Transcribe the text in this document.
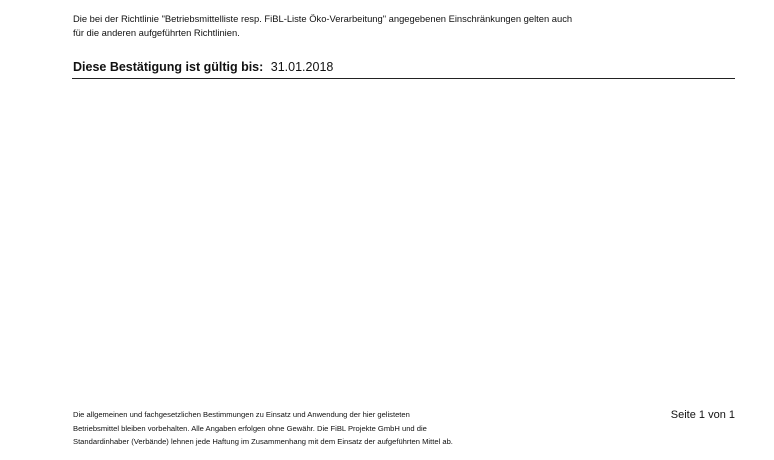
Die bei der Richtlinie "Betriebsmittelliste resp. FiBL-Liste Öko-Verarbeitung" angegebenen Einschränkungen gelten auch

für die anderen aufgeführten Richtlinien.

Diese Bestätigung ist gültig bis: 31.01.2018

Die allgemeinen und fachgesetzlichen Bestimmungen zu Einsatz und Anwendung der hier gelisteten

Betriebsmittel bleiben vorbehalten. Alle Angaben erfolgen ohne Gewähr. Die FiBL Projekte GmbH und die

Standardinhaber (Verbände) lehnen jede Haftung im Zusammenhang mit dem Einsatz der aufgeführten Mittel ab.

Seite 1 von 1
